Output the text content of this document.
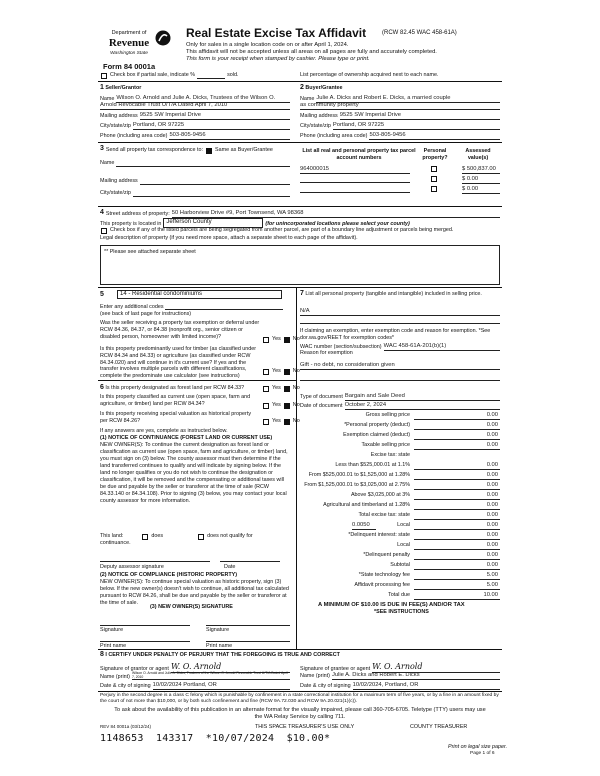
Department of
Revenue
Washington State
Form 84 0001a
Real Estate Excise Tax Affidavit	(RCW 82.45 WAC 458-61A)
Only for sales in a single location code on or after April 1, 2024.
This affidavit will not be accepted unless all areas on all pages are fully and accurately completed.
This form is your receipt when stamped by cashier. Please type or print.
Check box if partial sale, indicate %
	sold.	List percentage of ownership acquired next to each name.
1 Seller/Grantor
Name Wilson O. Arnold and Julie A. Dicks, Trustees of the Wilson O.
Arnold Revocable Trust U/T/A Dated April 7, 2010
Mailing address 9525 SW Imperial Drive
City/state/zip Portland, OR 97225
Phone (including area code) 503-805-9456
2 Buyer/Grantee
Name Julie A. Dicks and Robert E. Dicks, a married couple
as community property
Mailing address 9525 SW Imperial Drive
City/state/zip Portland, OR 97225
Phone (including area code) 503-805-9456
3 Send all property tax correspondence to: Same as Buyer/Grantee
Name
Mailing address
City/state/zip
List all real and personal property tax parcel account numbers
Personal property?
Assessed value(s)
964000015	$ 500,837.00
$ 0.00
$ 0.00
4 Street address of property: 50 Harborview Drive #9, Port Townsend, WA 98368
This property is located in Jefferson County	(for unincorporated locations please select your county)
Check box if any of the listed parcels are being segregated from another parcel, are part of a boundary line adjustment or parcels being merged.
Legal description of property (if you need more space, attach a separate sheet to each page of the affidavit).
** Please see attached separate sheet
5	14 - Residential condominiums
Enter any additional codes
(see back of last page for instructions)
Was the seller receiving a property tax exemption or deferral under RCW 84.36, 84.37, or 84.38 (nonprofit org., senior citizen or disabled person, homeowner with limited income)?	Yes No
Is this property predominantly used for timber (as classified under RCW 84.34 and 84.33) or agriculture (as classified under RCW 84.34.020) and will continue in it's current use? If yes and the transfer involves multiple parcels with different classifications, complete the predominate use calculator (see instructions)
Yes No
6 Is this property designated as forest land per RCW 84.33?	Yes No
Is this property classified as current use (open space, farm and agriculture, or timber) land per RCW 84.34?	Yes No
Is this property receiving special valuation as historical property per RCW 84.26?	Yes No
If any answers are yes, complete as instructed below.
(1) NOTICE OF CONTINUANCE (FOREST LAND OR CURRENT USE)
NEW OWNER(S): To continue the current designation as forest land or classification as current use (open space, farm and agriculture, or timber) land, you must sign on (3) below. The county assessor must then determine if the land transferred continues to qualify and will indicate by signing below. If the land no longer qualifies or you do not wish to continue the designation or classification, it will be removed and the compensating or additional taxes will be due and payable by the seller or transferor at the time of sale (RCW 84.33.140 or 84.34.108). Prior to signing (3) below, you may contact your local county assessor for more information.
This land:	does	does not qualify for
continuance.
Deputy assessor signature	Date
(2) NOTICE OF COMPLIANCE (HISTORIC PROPERTY)
NEW OWNER(S): To continue special valuation as historic property, sign (3) below. If the new owner(s) doesn't wish to continue, all additional tax calculated pursuant to RCW 84.26, shall be due and payable by the seller or transferor at the time of sale.
(3) NEW OWNER(S) SIGNATURE
Signature	Signature
Print name	Print name
7 List all personal property (tangible and intangible) included in selling price.
N/A
If claiming an exemption, enter exemption code and reason for exemption. *See dor.wa.gov/REET for exemption codes*
WAC number (section/subsection) WAC 458-61A-201(b)(1)
Reason for exemption
Gift - no debt, no consideration given
Type of document Bargain and Sale Deed
Date of document October 2, 2024
Gross selling price	0.00
*Personal property (deduct)	0.00
Exemption claimed (deduct)	0.00
Taxable selling price	0.00
Excise tax: state
Less than $525,000.01 at 1.1%	0.00
From $525,000.01 to $1,525,000 at 1.28%	0.00
From $1,525,000.01 to $3,025,000 at 2.75%	0.00
Above $3,025,000 at 3%	0.00
Agricultural and timberland at 1.28%	0.00
Total excise tax: state	0.00
0.0050	Local	0.00
*Delinquent interest: state	0.00
Local	0.00
*Delinquent penalty	0.00
Subtotal	0.00
*State technology fee	5.00
Affidavit processing fee	5.00
Total due	10.00
A MINIMUM OF $10.00 IS DUE IN FEE(S) AND/OR TAX
*SEE INSTRUCTIONS
8 I CERTIFY UNDER PENALTY OF PERJURY THAT THE FOREGOING IS TRUE AND CORRECT
Signature of grantor or agent W. O. Arnold	Signature of grantee or agent W. O. Arnold
Name (print)
Wilson O. Arnold and Julie A. Dicks, Trustees of the Wilson O. Arnold Revocable Trust U/T/A Dated April 7, 2010	Name (print) Julie A. Dicks and Robert E. Dicks
Date & city of signing 10/02/2024 Portland, OR	Date & city of signing 10/02/2024, Portland, OR
Perjury in the second degree is a class C felony which is punishable by confinement in a state correctional institution for a maximum term of five years, or by a fine in an amount fixed by the court of not more than $10,000, or by both such confinement and fine (RCW 9A.72.030 and RCW 9A.20.021(1)(c)).
To ask about the availability of this publication in an alternate format for the visually impaired, please call 360-705-6705. Teletype (TTY) users may use the WA Relay Service by calling 711.
REV 84 0001a (03/12/24)	THIS SPACE TREASURER'S USE ONLY	COUNTY TREASURER
1148653  143317  *10/07/2024  $10.00*
Print on legal size paper.
Page 1 of 6
